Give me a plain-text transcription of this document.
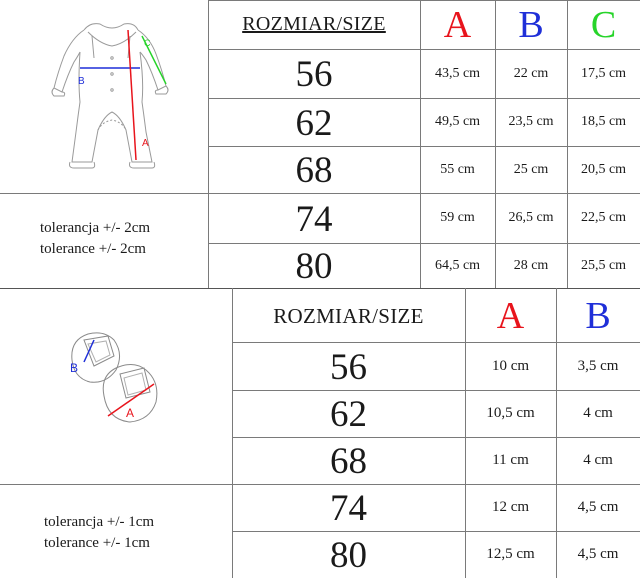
ROZMIAR/SIZE	A	B	C
56	43,5 cm	22 cm	17,5 cm
62	49,5 cm	23,5 cm	18,5 cm
68	55 cm	25 cm	20,5 cm
74	59 cm	26,5 cm	22,5 cm
80	64,5 cm	28 cm	25,5 cm
tolerancja +/- 2cm
tolerance +/- 2cm
B
A
C
ROZMIAR/SIZE	A	B
56	10 cm	3,5 cm
62	10,5 cm	4 cm
68	11 cm	4 cm
74	12 cm	4,5 cm
80	12,5 cm	4,5 cm
tolerancja +/- 1cm
tolerance +/- 1cm
B
A
